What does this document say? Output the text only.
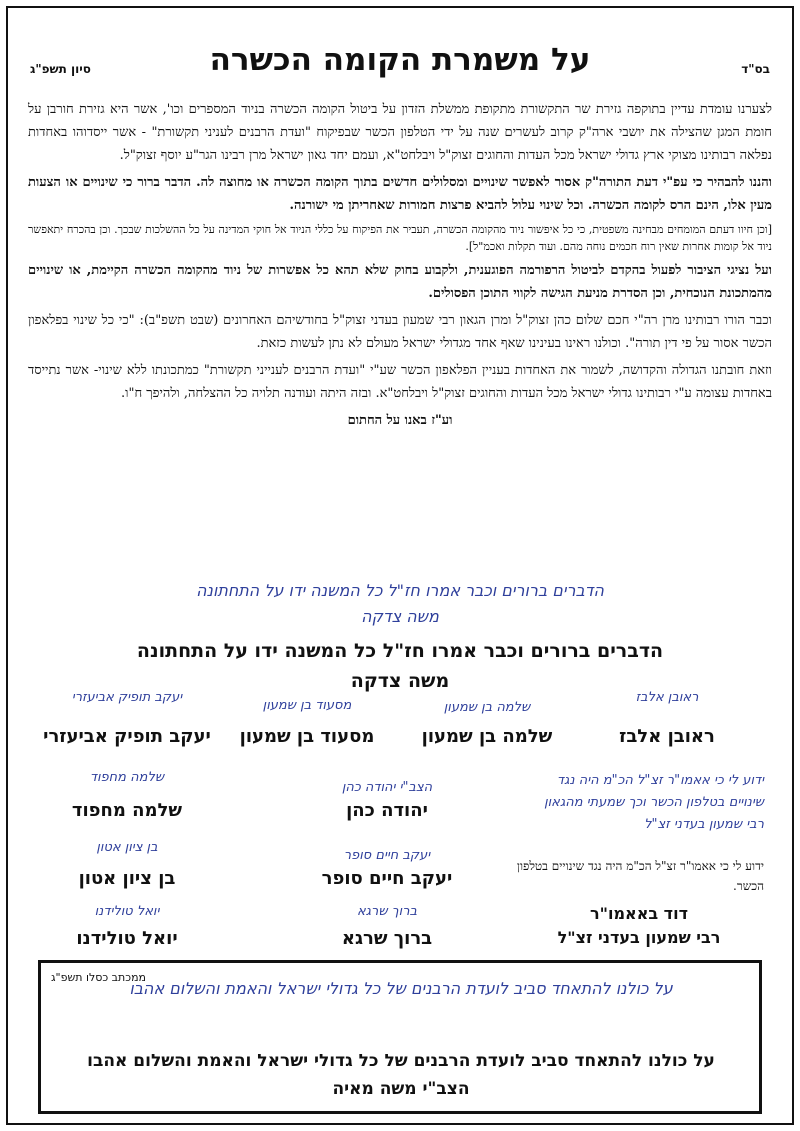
בס"ד
סיון תשפ"ג	על משמרת הקומה הכשרה

לצערנו עומדת עדיין בתוקפה גזירת שר התקשורת מתקופת ממשלת הזדון על ביטול הקומה הכשרה בניוד המספרים וכו', אשר היא גזירת חורבן על חומת המגן שהצילה את יושבי ארה"ק קרוב לעשרים שנה על ידי הטלפון הכשר שבפיקוח "ועדת הרבנים לעניני תקשורת" - אשר ייסדוהו באחדות נפלאה רבותינו מצוקי ארץ גדולי ישראל מכל העדות והחוגים זצוק"ל ויבלחט"א, ועמם יחד גאון ישראל מרן רבינו הגר"ע יוסף זצוק"ל.

והננו להבהיר כי עפ"י דעת התורה"ק אסור לאפשר שינויים ומסלולים חדשים בתוך הקומה הכשרה או מחוצה לה. הדבר ברור כי שינויים או הצעות מעין אלו, הינם הרס לקומה הכשרה. וכל שינוי עלול להביא פרצות חמורות שאחריתן מי ישורנה.

[וכן חיוו דעתם המומחים מבחינה משפטית, כי כל איפשור ניוד מהקומה הכשרה, תעביר את הפיקוח על כללי הניוד אל חוקי המדינה על כל ההשלכות שבכך. וכן בהכרח יתאפשר ניוד אל קומות אחרות שאין רוח חכמים נוחה מהם. ועוד תקלות ואכמ"ל].

ועל נציגי הציבור לפעול בהקדם לביטול הרפורמה הפוגענית, ולקבוע בחוק שלא תהא כל אפשרות של ניוד מהקומה הכשרה הקיימת, או שינויים מהמתכונת הנוכחית, וכן הסדרת מניעת הגישה לקווי התוכן הפסולים.

וכבר הורו רבותינו מרן רה"י חכם שלום כהן זצוק"ל ומרן הגאון רבי שמעון בעדני זצוק"ל בחודשיהם האחרונים (שבט תשפ"ב): "כי כל שינוי בפלאפון הכשר אסור על פי דין תורה". וכולנו ראינו בעינינו שאף אחד מגדולי ישראל מעולם לא נתן לעשות כזאת.

וזאת חובתנו הגדולה והקדושה, לשמור את האחדות בעניין הפלאפון הכשר שע"י "ועדת הרבנים לענייני תקשורת" כמתכונתו ללא שינוי- אשר נתייסד באחדות עצומה ע"י רבותינו גדולי ישראל מכל העדות והחוגים זצוק"ל ויבלחט"א. ובזה היתה ועודנה תלויה כל ההצלחה, ולהיפך ח"ו.

וע"ז באנו על החתום

הדברים ברורים וכבר אמרו חז"ל כל המשנה ידו על התחתונה
משה צדקה
הדברים ברורים וכבר אמרו חז"ל כל המשנה ידו על התחתונה
משה צדקה
ראובן אלבז
ראובן אלבז
שלמה בן שמעון
שלמה בן שמעון
מסעוד בן שמעון
מסעוד בן שמעון
יעקב תופיק אביעזרי
יעקב תופיק אביעזרי
הצב"י יהודה כהן
יהודה כהן
שלמה מחפוד
שלמה מחפוד
יעקב חיים סופר
יעקב חיים סופר
בן ציון אטון
בן ציון אטון
ברוך שרגא
ברוך שרגא
יואל טולידנו
יואל טולידנו
ידוע לי כי אאמו"ר זצ"ל הכ"מ היה נגד שינויים בטלפון הכשר וכך שמעתי מהגאון רבי שמעון בעדני זצ"ל
ידוע לי כי אאמו"ר זצ"ל הכ"מ היה נגד שינויים בטלפון הכשר.
דוד באאמו"ר
רבי שמעון בעדני זצ"ל
ממכתב כסלו תשפ"ג
על כולנו להתאחד סביב לועדת הרבנים של כל גדולי ישראל והאמת והשלום אהבו
על כולנו להתאחד סביב לועדת הרבנים של כל גדולי ישראל והאמת והשלום אהבו
הצב"י משה מאיה
